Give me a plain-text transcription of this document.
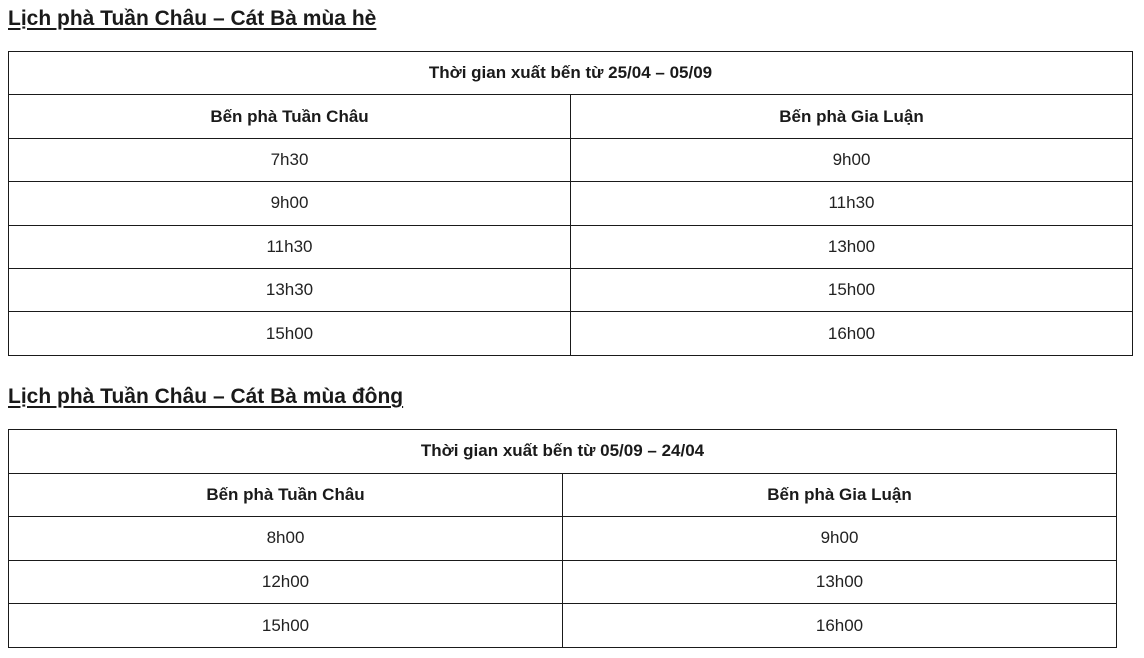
Lịch phà Tuần Châu – Cát Bà mùa hè
Thời gian xuất bến từ 25/04 – 05/09	
Bến phà Tuần Châu	Bến phà Gia Luận
7h30	9h00
9h00	11h30
11h30	13h00
13h30	15h00
15h00	16h00
Lịch phà Tuần Châu – Cát Bà mùa đông
Thời gian xuất bến từ 05/09 – 24/04	
Bến phà Tuần Châu	Bến phà Gia Luận
8h00	9h00
12h00	13h00
15h00	16h00
